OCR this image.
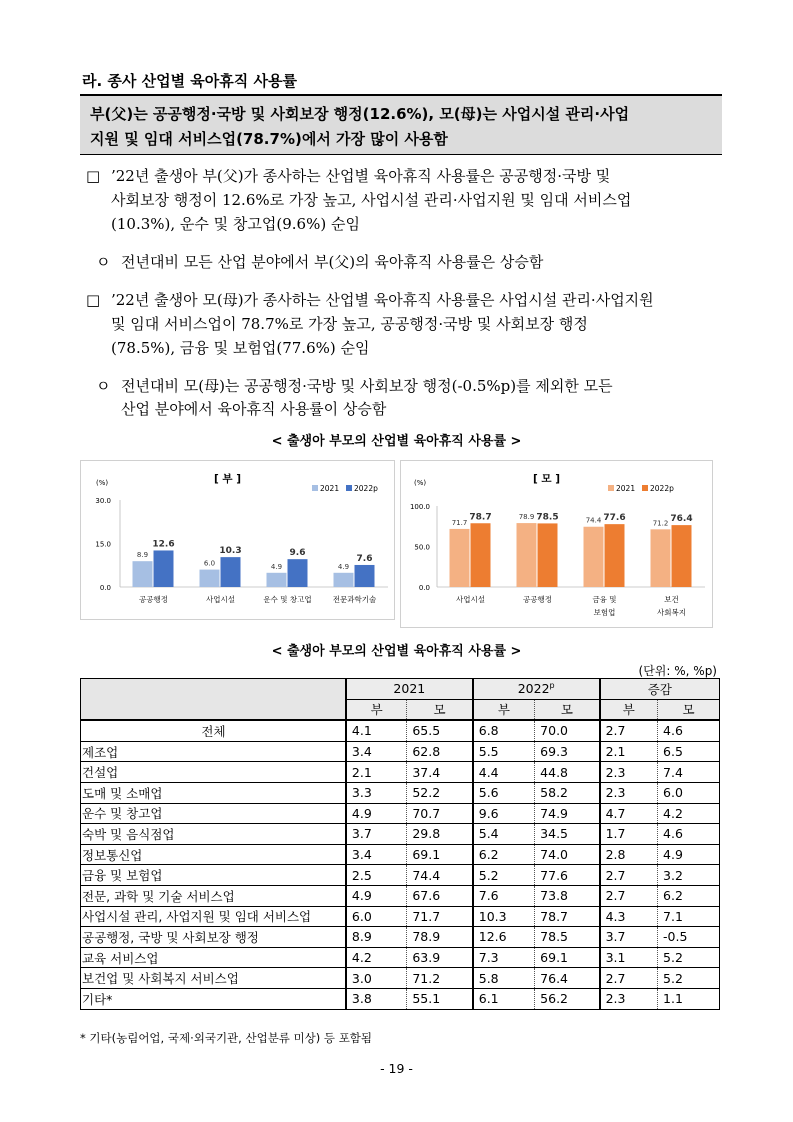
라. 종사 산업별 육아휴직 사용률
부(父)는 공공행정·국방 및 사회보장 행정(12.6%), 모(母)는 사업시설 관리·사업
지원 및 임대 서비스업(78.7%)에서 가장 많이 사용함
□ ’22년 출생아 부(父)가 종사하는 산업별 육아휴직 사용률은 공공행정·국방 및
사회보장 행정이 12.6%로 가장 높고, 사업시설 관리·사업지원 및 임대 서비스업
(10.3%), 운수 및 창고업(9.6%) 순임
ㅇ 전년대비 모든 산업 분야에서 부(父)의 육아휴직 사용률은 상승함
□ ’22년 출생아 모(母)가 종사하는 산업별 육아휴직 사용률은 사업시설 관리·사업지원
및 임대 서비스업이 78.7%로 가장 높고, 공공행정·국방 및 사회보장 행정
(78.5%), 금융 및 보험업(77.6%) 순임
ㅇ 전년대비 모(母)는 공공행정·국방 및 사회보장 행정(-0.5%p)를 제외한 모든
산업 분야에서 육아휴직 사용률이 상승함
< 출생아 부모의 산업별 육아휴직 사용률 >
[ 부 ]
(%)
2021 2022p
0.0
15.0
30.0
8.9
12.6
공공행정
6.0
10.3
사업시설
4.9
9.6
운수 및 창고업
4.9
7.6
전문과학기술
[ 모 ]
(%)
2021 2022p
0.0
50.0
100.0
71.7
78.7
사업시설
78.9 78.5
공공행정
74.4 77.6
금융 및
보험업
71.2 76.4
보건
사회복지
< 출생아 부모의 산업별 육아휴직 사용률 >
(단위: %, %p)
	2021		2022$^p$		증감	
	부	모	부	모	부	모
전체	4.1	65.5	6.8	70.0	2.7	4.6
제조업	3.4	62.8	5.5	69.3	2.1	6.5
건설업	2.1	37.4	4.4	44.8	2.3	7.4
도매 및 소매업	3.3	52.2	5.6	58.2	2.3	6.0
운수 및 창고업	4.9	70.7	9.6	74.9	4.7	4.2
숙박 및 음식점업	3.7	29.8	5.4	34.5	1.7	4.6
정보통신업	3.4	69.1	6.2	74.0	2.8	4.9
금융 및 보험업	2.5	74.4	5.2	77.6	2.7	3.2
전문, 과학 및 기술 서비스업	4.9	67.6	7.6	73.8	2.7	6.2
사업시설 관리, 사업지원 및 임대 서비스업	6.0	71.7	10.3	78.7	4.3	7.1
공공행정, 국방 및 사회보장 행정	8.9	78.9	12.6	78.5	3.7	-0.5
교육 서비스업	4.2	63.9	7.3	69.1	3.1	5.2
보건업 및 사회복지 서비스업	3.0	71.2	5.8	76.4	2.7	5.2
기타*	3.8	55.1	6.1	56.2	2.3	1.1
* 기타(농림어업, 국제·외국기관, 산업분류 미상) 등 포함됨
- 19 -
